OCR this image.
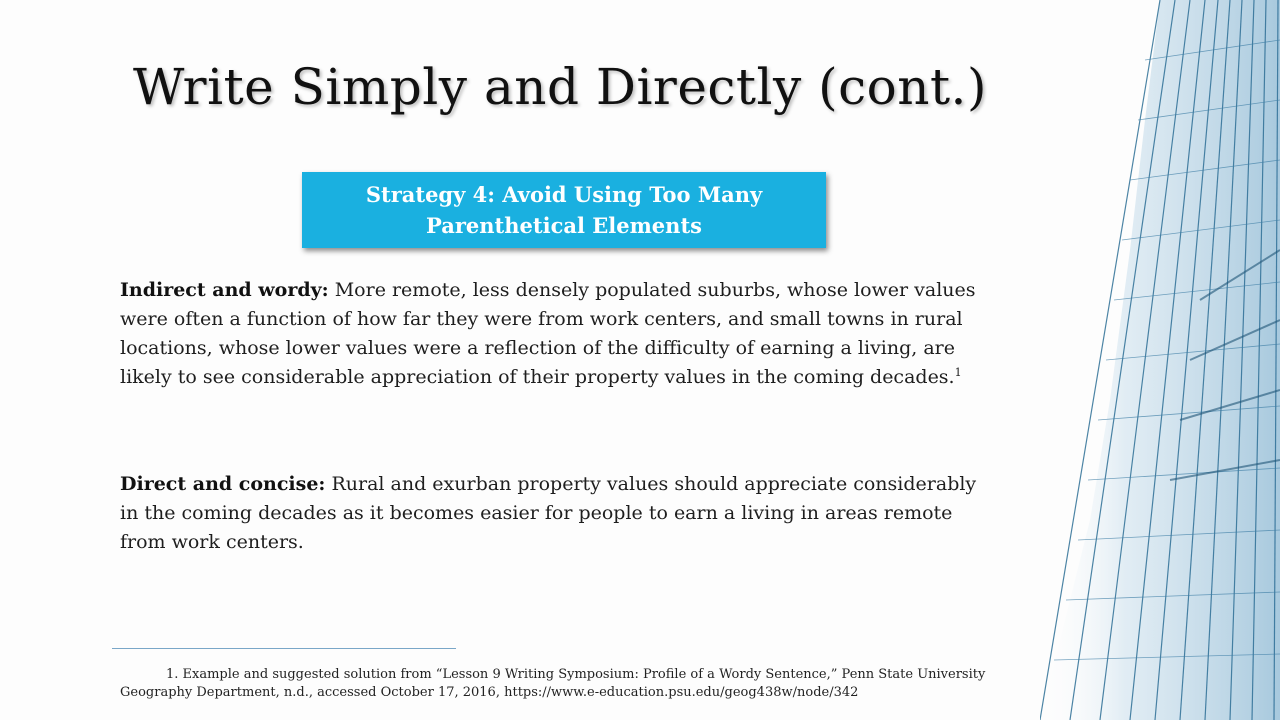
Write Simply and Directly (cont.)
Strategy 4: Avoid Using Too Many
Parenthetical Elements

Indirect and wordy: More remote, less densely populated suburbs, whose lower values were often a function of how far they were from work centers, and small towns in rural locations, whose lower values were a reflection of the difficulty of earning a living, are likely to see considerable appreciation of their property values in the coming decades.$^1$

Direct and concise: Rural and exurban property values should appreciate considerably in the coming decades as it becomes easier for people to earn a living in areas remote from work centers.

1. Example and suggested solution from “Lesson 9 Writing Symposium: Profile of a Wordy Sentence,” Penn State University Geography Department, n.d., accessed October 17, 2016, https://www.e-education.psu.edu/geog438w/node/342
